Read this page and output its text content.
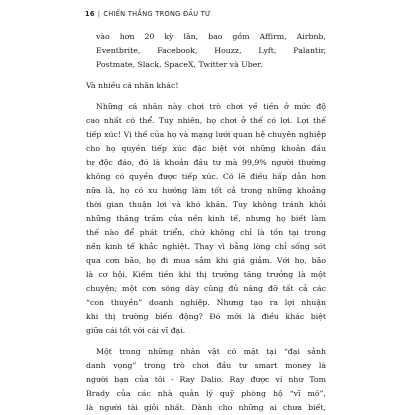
16 | CHIẾN THẮNG TRONG ĐẦU TƯ
vào hơn 20 kỳ lân, bao gồm Affirm, Airbnb,
Eventbrite, Facebook, Houzz, Lyft, Palantir,
Postmate, Slack, SpaceX, Twitter và Uber.
Và nhiều cá nhân khác!
Những cá nhân này chơi trò chơi về tiền ở mức độ
cao nhất có thể. Tuy nhiên, họ chơi ở thế có lợi. Lợi thế
tiếp xúc! Vị thế của họ và mạng lưới quan hệ chuyên nghiệp
cho họ quyền tiếp xúc đặc biệt với những khoản đầu
tư độc đáo, đó là khoản đầu tư mà 99,9% người thường
không có quyền được tiếp xúc. Có lẽ điều hấp dẫn hơn
nữa là, họ có xu hướng làm tốt cả trong những khoảng
thời gian thuận lợi và khó khăn. Tuy không tránh khỏi
những thăng trầm của nền kinh tế, nhưng họ biết làm
thế nào để phát triển, chứ không chỉ là tồn tại trong
nền kinh tế khắc nghiệt. Thay vì bằng lòng chỉ sống sót
qua cơn bão, họ đi mua sắm khi giá giảm. Với họ, bão
là cơ hội. Kiếm tiền khi thị trường tăng trưởng là một
chuyện; một cơn sóng dày cũng đủ nâng đỡ tất cả các
“con thuyền” doanh nghiệp. Nhưng tạo ra lợi nhuận
khi thị trường biến động? Đó mới là điều khác biệt
giữa cái tốt với cái vĩ đại.
Một trong những nhân vật có mặt tại “đại sảnh
danh vọng” trong trò chơi đầu tư smart money là
người bạn của tôi - Ray Dalio. Ray được ví như Tom
Brady của các nhà quản lý quỹ phòng hộ “vĩ mô”,
là người tài giỏi nhất. Dành cho những ai chưa biết,
